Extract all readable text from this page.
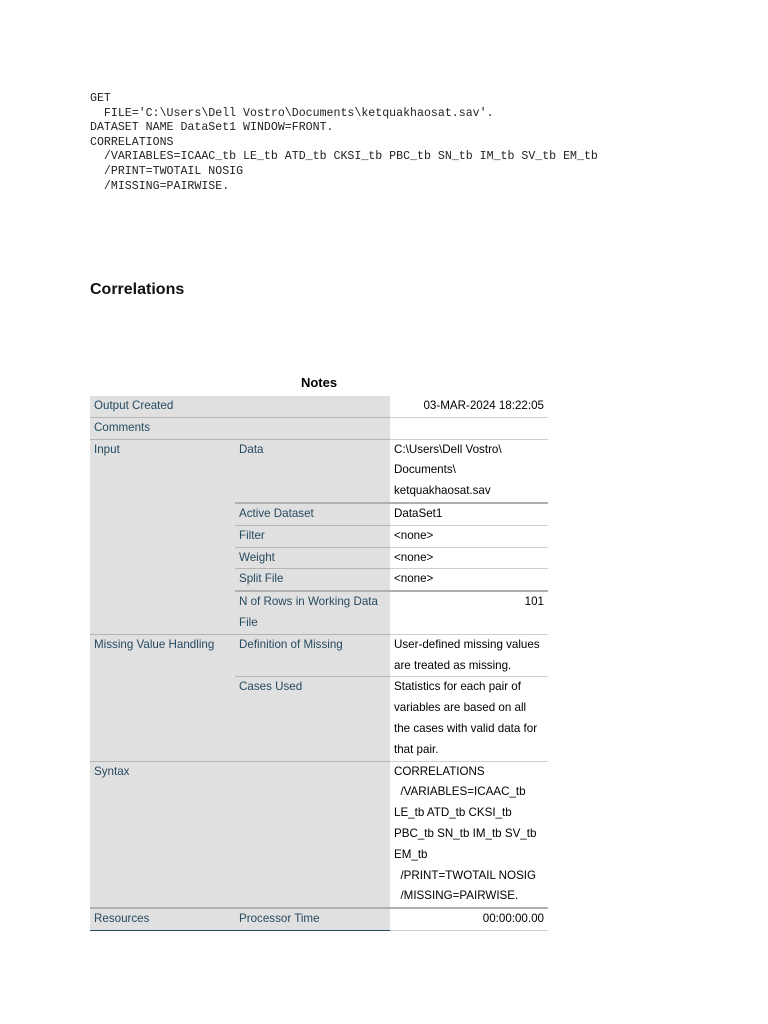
GET
FILE='C:\Users\Dell Vostro\Documents\ketquakhaosat.sav'.
DATASET NAME DataSet1 WINDOW=FRONT.
CORRELATIONS
/VARIABLES=ICAAC_tb LE_tb ATD_tb CKSI_tb PBC_tb SN_tb IM_tb SV_tb EM_tb
/PRINT=TWOTAIL NOSIG
/MISSING=PAIRWISE.
Correlations
Notes
Output Created		03-MAR-2024 18:22:05
Comments		
Input	Data	C:\Users\Dell Vostro\ Documents\ ketquakhaosat.sav
	Active Dataset	DataSet1
	Filter	<none>
	Weight	<none>
	Split File	<none>
	N of Rows in Working Data File	101
Missing Value Handling	Definition of Missing	User-defined missing values are treated as missing.
	Cases Used	Statistics for each pair of variables are based on all the cases with valid data for that pair.
Syntax		CORRELATIONS
/VARIABLES=ICAAC_tb LE_tb ATD_tb CKSI_tb PBC_tb SN_tb IM_tb SV_tb EM_tb
/PRINT=TWOTAIL NOSIG
/MISSING=PAIRWISE.
Resources	Processor Time	00:00:00.00
